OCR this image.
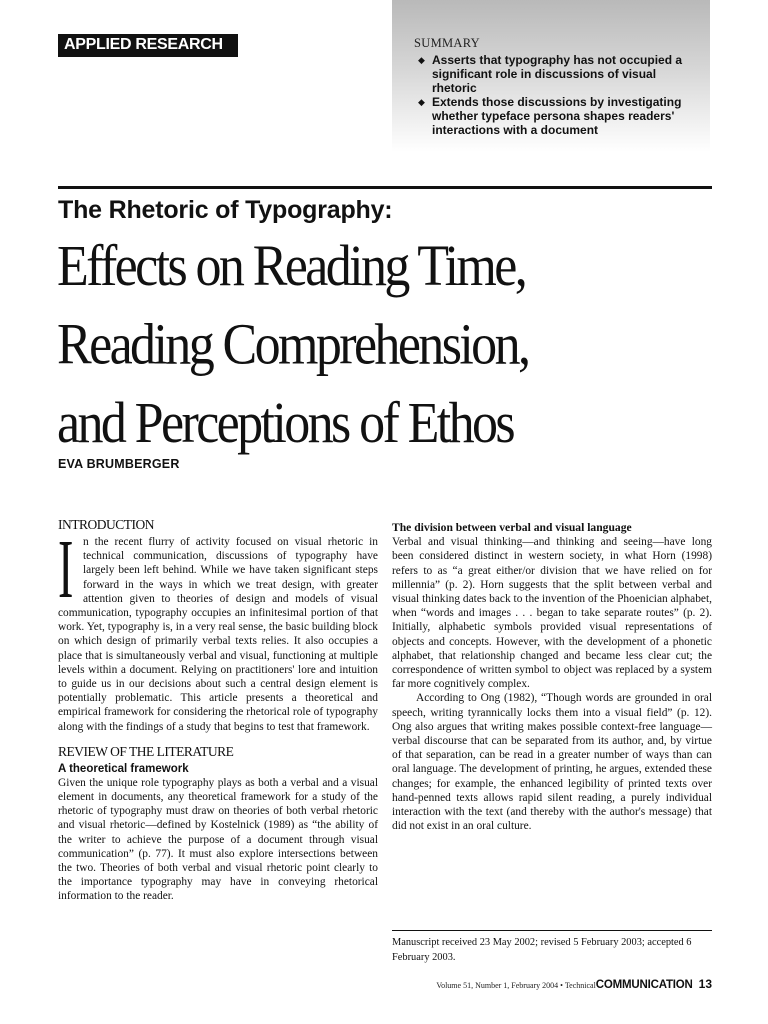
APPLIED RESEARCH	SUMMARY
◆ Asserts that typography has not occupied a significant role in discussions of visual rhetoric
◆ Extends those discussions by investigating whether typeface persona shapes readers' interactions with a document
The Rhetoric of Typography:
Effects on Reading Time,
Reading Comprehension,
and Perceptions of Ethos
EVA BRUMBERGER
INTRODUCTION

In the recent flurry of activity focused on visual rhetoric in technical communication, discussions of typography have largely been left behind. While we have taken significant steps forward in the ways in which we treat design, with greater attention given to theories of design and models of visual communication, typography occupies an infinitesimal portion of that work. Yet, typography is, in a very real sense, the basic building block on which design of primarily verbal texts relies. It also occupies a place that is simultaneously verbal and visual, functioning at multiple levels within a document. Relying on practitioners' lore and intuition to guide us in our decisions about such a central design element is potentially problematic. This article presents a theoretical and empirical framework for considering the rhetorical role of typography along with the findings of a study that begins to test that framework.

REVIEW OF THE LITERATURE
A theoretical framework

Given the unique role typography plays as both a verbal and a visual element in documents, any theoretical framework for a study of the rhetoric of typography must draw on theories of both verbal rhetoric and visual rhetoric—defined by Kostelnick (1989) as “the ability of the writer to achieve the purpose of a document through visual communication” (p. 77). It must also explore intersections between the two. Theories of both verbal and visual rhetoric point clearly to the importance typography may have in conveying rhetorical information to the reader.

The division between verbal and visual language

Verbal and visual thinking—and thinking and seeing—have long been considered distinct in western society, in what Horn (1998) refers to as “a great either/or division that we have relied on for millennia” (p. 2). Horn suggests that the split between verbal and visual thinking dates back to the invention of the Phoenician alphabet, when “words and images . . . began to take separate routes” (p. 2). Initially, alphabetic symbols provided visual representations of objects and concepts. However, with the development of a phonetic alphabet, that relationship changed and became less clear cut; the correspondence of written symbol to object was replaced by a system far more cognitively complex.

According to Ong (1982), “Though words are grounded in oral speech, writing tyrannically locks them into a visual field” (p. 12). Ong also argues that writing makes possible context-free language—verbal discourse that can be separated from its author, and, by virtue of that separation, can be read in a greater number of ways than can oral language. The development of printing, he argues, extended these changes; for example, the enhanced legibility of printed texts over hand-penned texts allows rapid silent reading, a purely individual interaction with the text (and thereby with the author's message) that did not exist in an oral culture.

Manuscript received 23 May 2002; revised 5 February 2003; accepted 6 February 2003.
Volume 51, Number 1, February 2004 • Technical COMMUNICATION 13
